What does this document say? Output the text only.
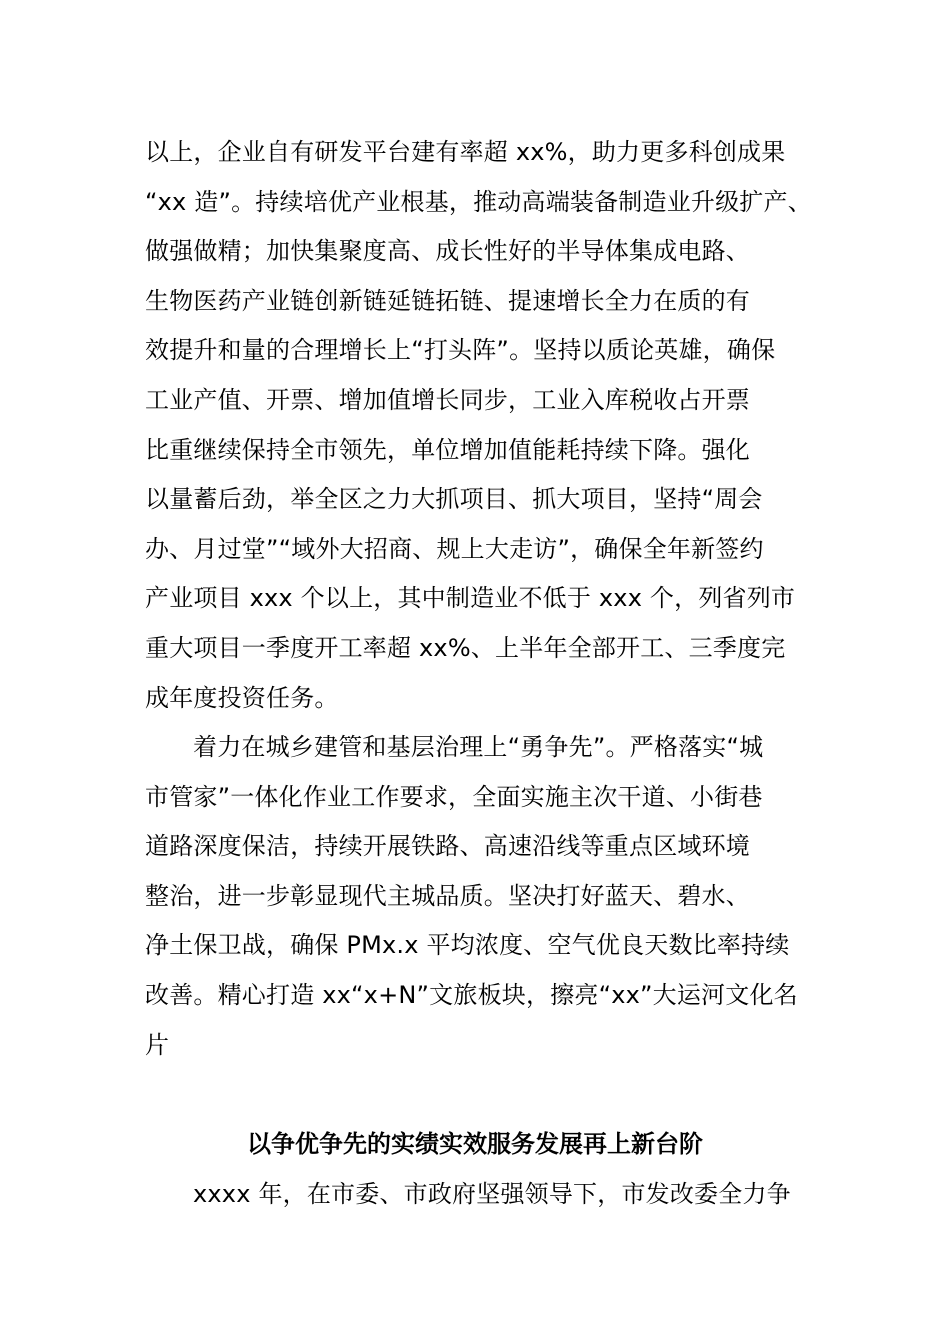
以上，企业自有研发平台建有率超 xx%，助力更多科创成果
“xx 造”。持续培优产业根基，推动高端装备制造业升级扩产、
做强做精；加快集聚度高、成长性好的半导体集成电路、
生物医药产业链创新链延链拓链、提速增长全力在质的有
效提升和量的合理增长上“打头阵”。坚持以质论英雄，确保
工业产值、开票、增加值增长同步，工业入库税收占开票
比重继续保持全市领先，单位增加值能耗持续下降。强化
以量蓄后劲，举全区之力大抓项目、抓大项目，坚持“周会
办、月过堂”“域外大招商、规上大走访”，确保全年新签约
产业项目 xxx 个以上，其中制造业不低于 xxx 个，列省列市
重大项目一季度开工率超 xx%、上半年全部开工、三季度完
成年度投资任务。
着力在城乡建管和基层治理上“勇争先”。严格落实“城
市管家”一体化作业工作要求，全面实施主次干道、小街巷
道路深度保洁，持续开展铁路、高速沿线等重点区域环境
整治，进一步彰显现代主城品质。坚决打好蓝天、碧水、
净土保卫战，确保 PMx.x 平均浓度、空气优良天数比率持续
改善。精心打造 xx“x+N”文旅板块，擦亮“xx”大运河文化名
片
以争优争先的实绩实效服务发展再上新台阶
xxxx 年，在市委、市政府坚强领导下，市发改委全力争
